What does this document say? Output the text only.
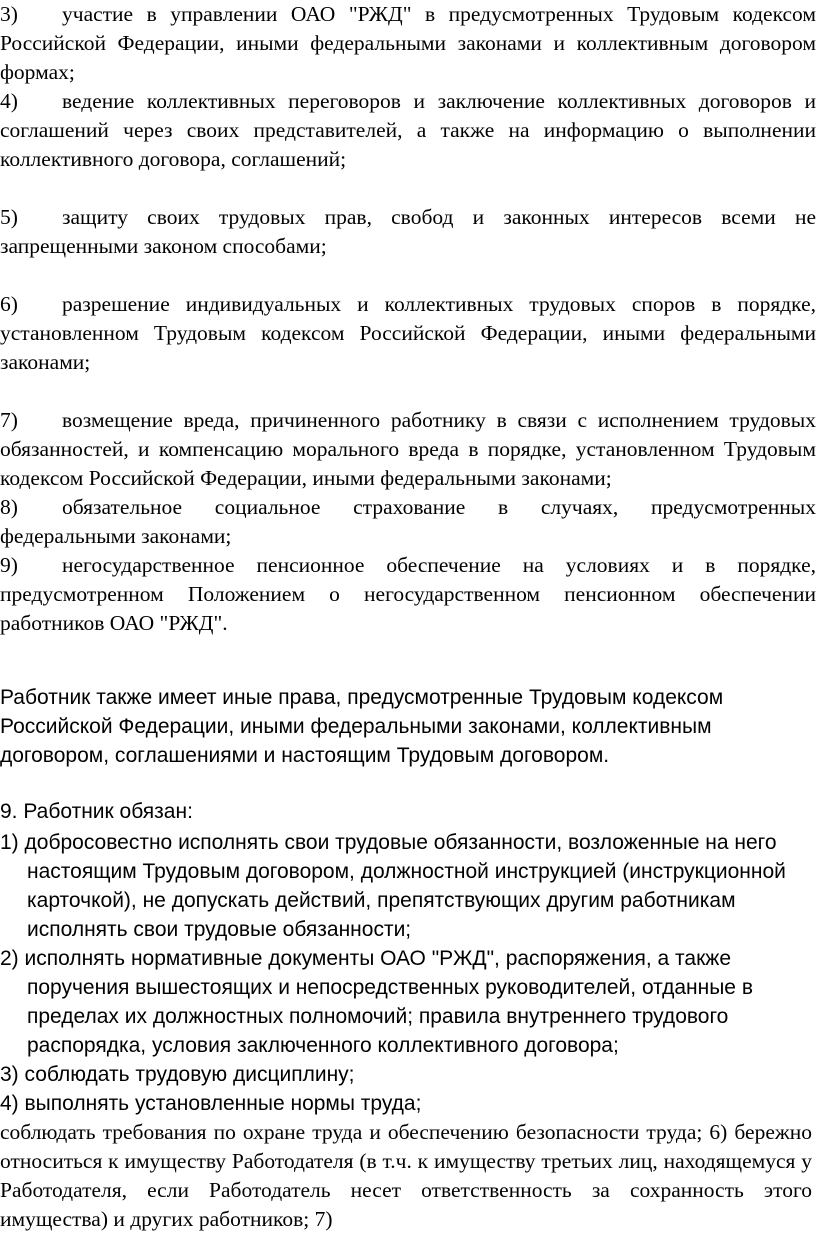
3) участие в управлении ОАО "РЖД" в предусмотренных Трудовым кодексом Российской Федерации, иными федеральными законами и коллективным договором формах;
4) ведение коллективных переговоров и заключение коллективных договоров и соглашений через своих представителей, а также на информацию о выполнении коллективного договора, соглашений;
5) защиту своих трудовых прав, свобод и законных интересов всеми не запрещенными законом способами;
6) разрешение индивидуальных и коллективных трудовых споров в порядке, установленном Трудовым кодексом Российской Федерации, иными федеральными законами;
7) возмещение вреда, причиненного работнику в связи с исполнением трудовых обязанностей, и компенсацию морального вреда в порядке, установленном Трудовым кодексом Российской Федерации, иными федеральными законами;
8) обязательное социальное страхование в случаях, предусмотренных федеральными законами;
9) негосударственное пенсионное обеспечение на условиях и в порядке, предусмотренном Положением о негосударственном пенсионном обеспечении работников ОАО "РЖД".
Работник также имеет иные права, предусмотренные Трудовым кодексом Российской Федерации, иными федеральными законами, коллективным договором, соглашениями и настоящим Трудовым договором.
9. Работник обязан:
1) добросовестно исполнять свои трудовые обязанности, возложенные на него настоящим Трудовым договором, должностной инструкцией (инструкционной карточкой), не допускать действий, препятствующих другим работникам исполнять свои трудовые обязанности;
2) исполнять нормативные документы ОАО "РЖД", распоряжения, а также поручения вышестоящих и непосредственных руководителей, отданные в пределах их должностных полномочий; правила внутреннего трудового распорядка, условия заключенного коллективного договора;
3) соблюдать трудовую дисциплину;
4) выполнять установленные нормы труда;
соблюдать требования по охране труда и обеспечению безопасности труда; 6) бережно относиться к имуществу Работодателя (в т.ч. к имуществу третьих лиц, находящемуся у Работодателя, если Работодатель несет ответственность за сохранность этого имущества) и других работников; 7)
